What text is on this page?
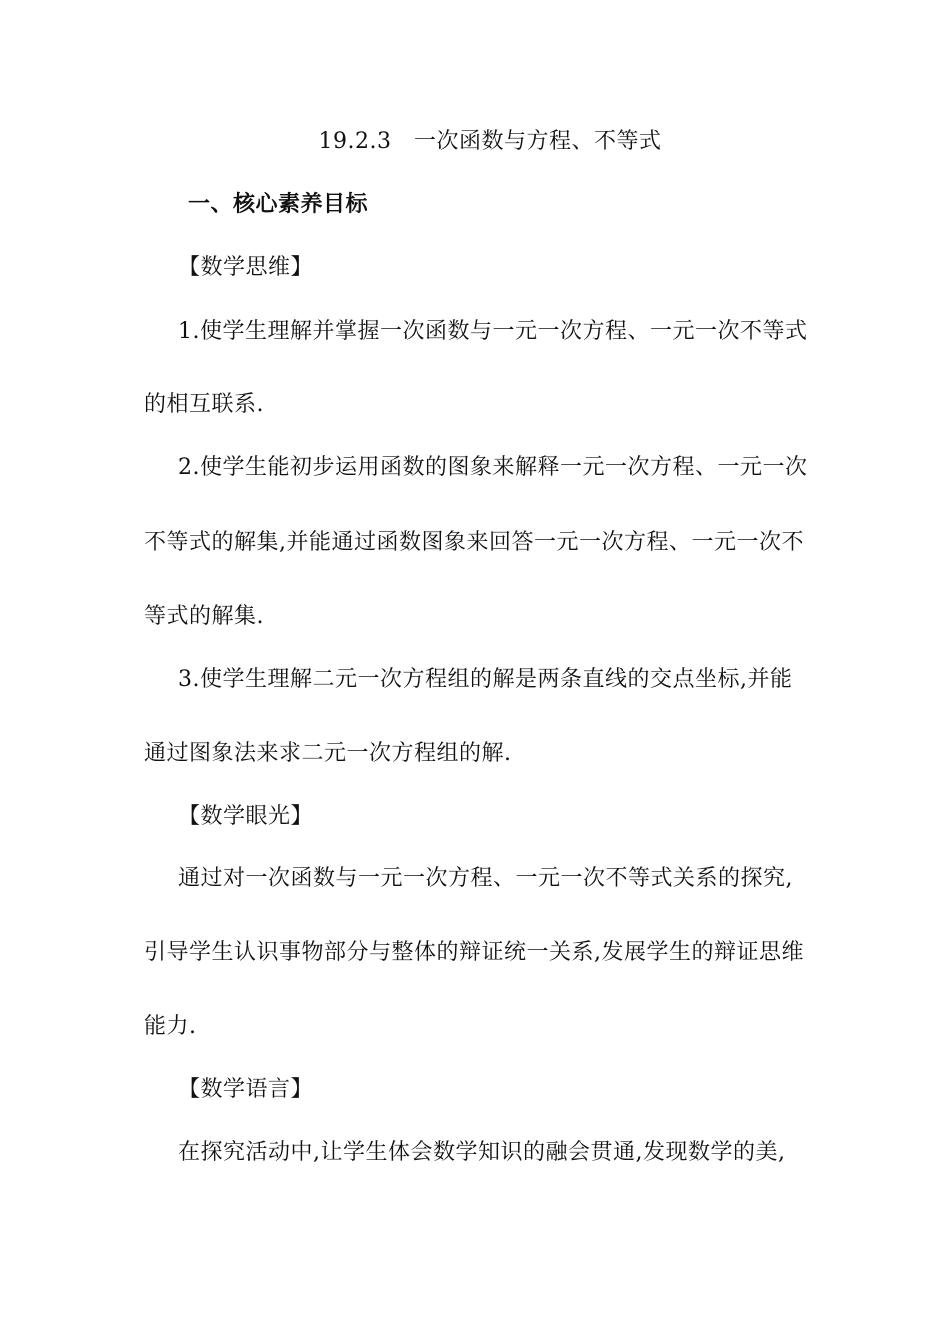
19.2.3　一次函数与方程、不等式
一、核心素养目标
【数学思维】
1.使学生理解并掌握一次函数与一元一次方程、一元一次不等式
的相互联系.
2.使学生能初步运用函数的图象来解释一元一次方程、一元一次
不等式的解集,并能通过函数图象来回答一元一次方程、一元一次不
等式的解集.
3.使学生理解二元一次方程组的解是两条直线的交点坐标,并能
通过图象法来求二元一次方程组的解.
【数学眼光】
通过对一次函数与一元一次方程、一元一次不等式关系的探究,
引导学生认识事物部分与整体的辩证统一关系,发展学生的辩证思维
能力.
【数学语言】
在探究活动中,让学生体会数学知识的融会贯通,发现数学的美,
